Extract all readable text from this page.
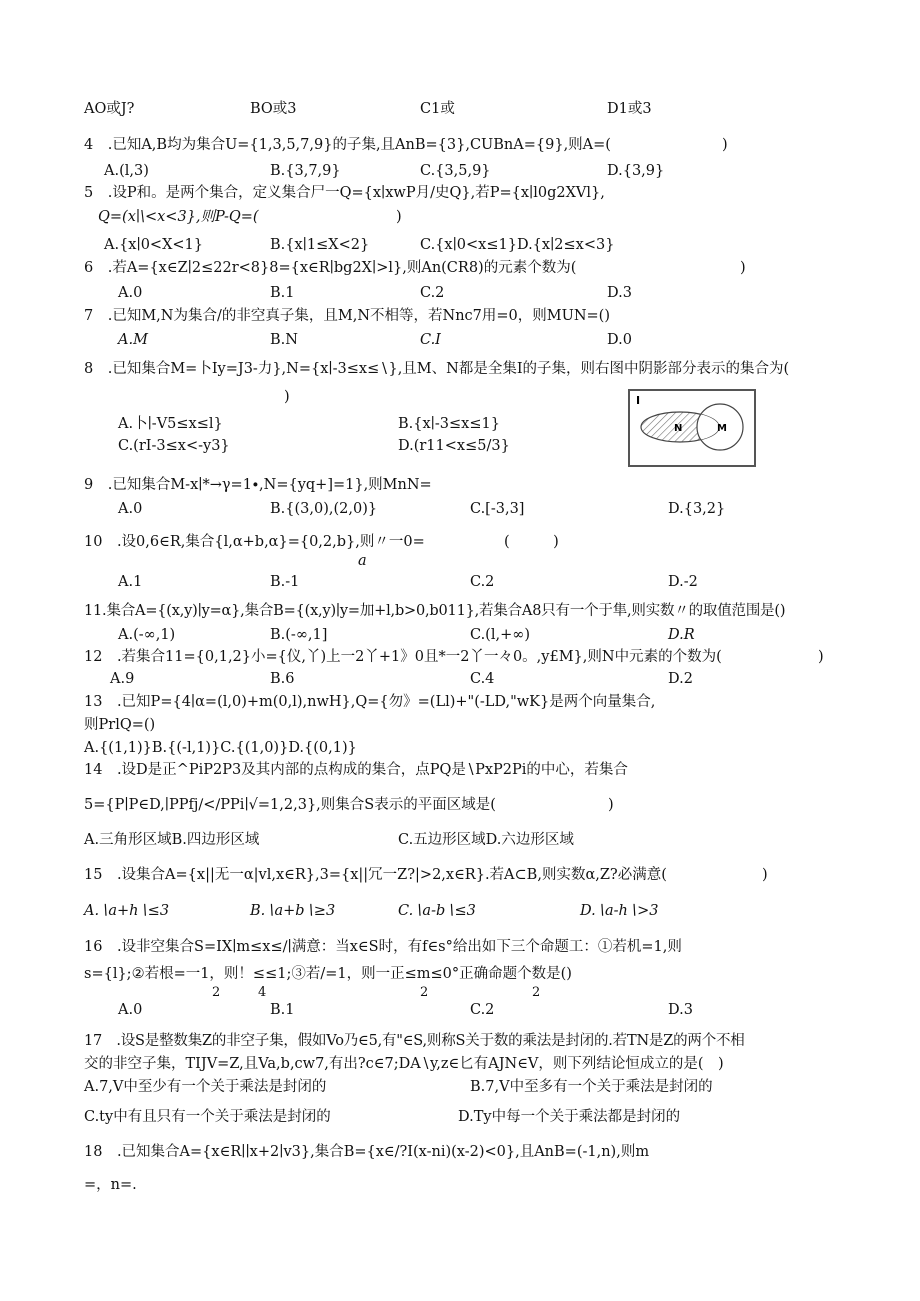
AO或J?	BO或3	C1或	D1或3
4　.已知A,B均为集合U={1,3,5,7,9}的子集,且AnB={3},CUBnA={9},则A=(	)
A.(l,3)	B.{3,7,9}	C.{3,5,9}	D.{3,9}
5　.设P和。是两个集合，定义集合尸一Q={x∣xwP月/史Q},若P={x∣l0g2XVl},
Q=(x∣\<x<3},则P-Q=(	)
A.{x∣0<X<1}	B.{x∣1≤X<2}	C.{x∣0<x≤1}D.{x∣2≤x<3}
6　.若A={x∈Z∣2≤22r<8}8={x∈R∣bg2X∣>l},则An(CR8)的元素个数为(	)
A.0	B.1	C.2	D.3
7　.已知M,N为集合/的非空真子集，且M,N不相等，若Nnc7用=0，则MUN=()
A.M	B.N	C.I	D.0
8　.已知集合M=卜Iy=J3-力},N={x∣-3≤x≤∖},且M、N都是全集I的子集，则右图中阴影部分表示的集合为(
)
A.卜∣-V5≤x≤l}	B.{x∣-3≤x≤1}
C.(rI-3≤x<-y3}	D.(r11<x≤5/3}
I
N	M
9　.已知集合M-x∣*→γ=1∙,N={yq+]=1},则MnN=
A.0	B.{(3,0),(2,0)}	C.[-3,3]	D.{3,2}
10　.设0,6∈R,集合{l,α+b,α}={0,2,b},则〃一0=
a
(　　　)
A.1	B.-1	C.2	D.-2
11.集合A={(x,y)∣y=α},集合B={(x,y)∣y=加+l,b>0,b011},若集合A8只有一个于隼,则实数〃的取值范围是()
A.(-∞,1)	B.(-∞,1]	C.(l,+∞)	D.R
12　.若集合11={0,1,2}小={仪,丫)上一2丫+1》0且*一2丫一々0。,y£M},则N中元素的个数为(	)
A.9	B.6	C.4	D.2
13　.已知P={4∣α=(l,0)+m(0,l),nwH},Q={勿》=(Ll)+"(-LD,"wK}是两个向量集合,
则PrlQ=()
A.{(1,1)}B.{(-l,1)}C.{(1,0)}D.{(0,1)}
14　.设D是正^PiP2P3及其内部的点构成的集合，点PQ是∖PxP2Pi的中心，若集合
5={P∣P∈D,∣PPfj∕<∕PPi∣√=1,2,3},则集合S表示的平面区域是(	)
A.三角形区域B.四边形区域	C.五边形区域D.六边形区域
15　.设集合A={x||无一α|vl,x∈R},3={x||冗一Z?|>2,x∈R}.若A⊂B,则实数α,Z?必满意(	)
A.∖a+h∖≤3	B.∖a+b∖≥3	C.∖a-b∖≤3	D.∖a-h∖>3
16　.设非空集合S=IX∣m≤x≤∕∣满意：当x∈S时，有f∈s°给出如下三个命题工：①若机=1,则
s={l};②若根=一1，则！≤≤1;③若/=1，则一正≤m≤0°正确命题个数是()
2	4	2	2
A.0	B.1	C.2	D.3
17　.设S是整数集Z的非空子集，假如Vo乃∈5,有"∈S,则称S关于数的乘法是封闭的.若TN是Z的两个不相
交的非空子集，TIJV=Z,且Va,b,cw7,有出?c∈7;DA∖y,z∈匕有AJN∈V，则下列结论恒成立的是(　)
A.7,V中至少有一个关于乘法是封闭的	B.7,V中至多有一个关于乘法是封闭的
C.ty中有且只有一个关于乘法是封闭的	D.Ty中每一个关于乘法都是封闭的
18　.已知集合A={x∈R∣∣x+2∣v3},集合B={x∈/?I(x-ni)(x-2)<0},且AnB=(-1,n),则m
=，n=.
